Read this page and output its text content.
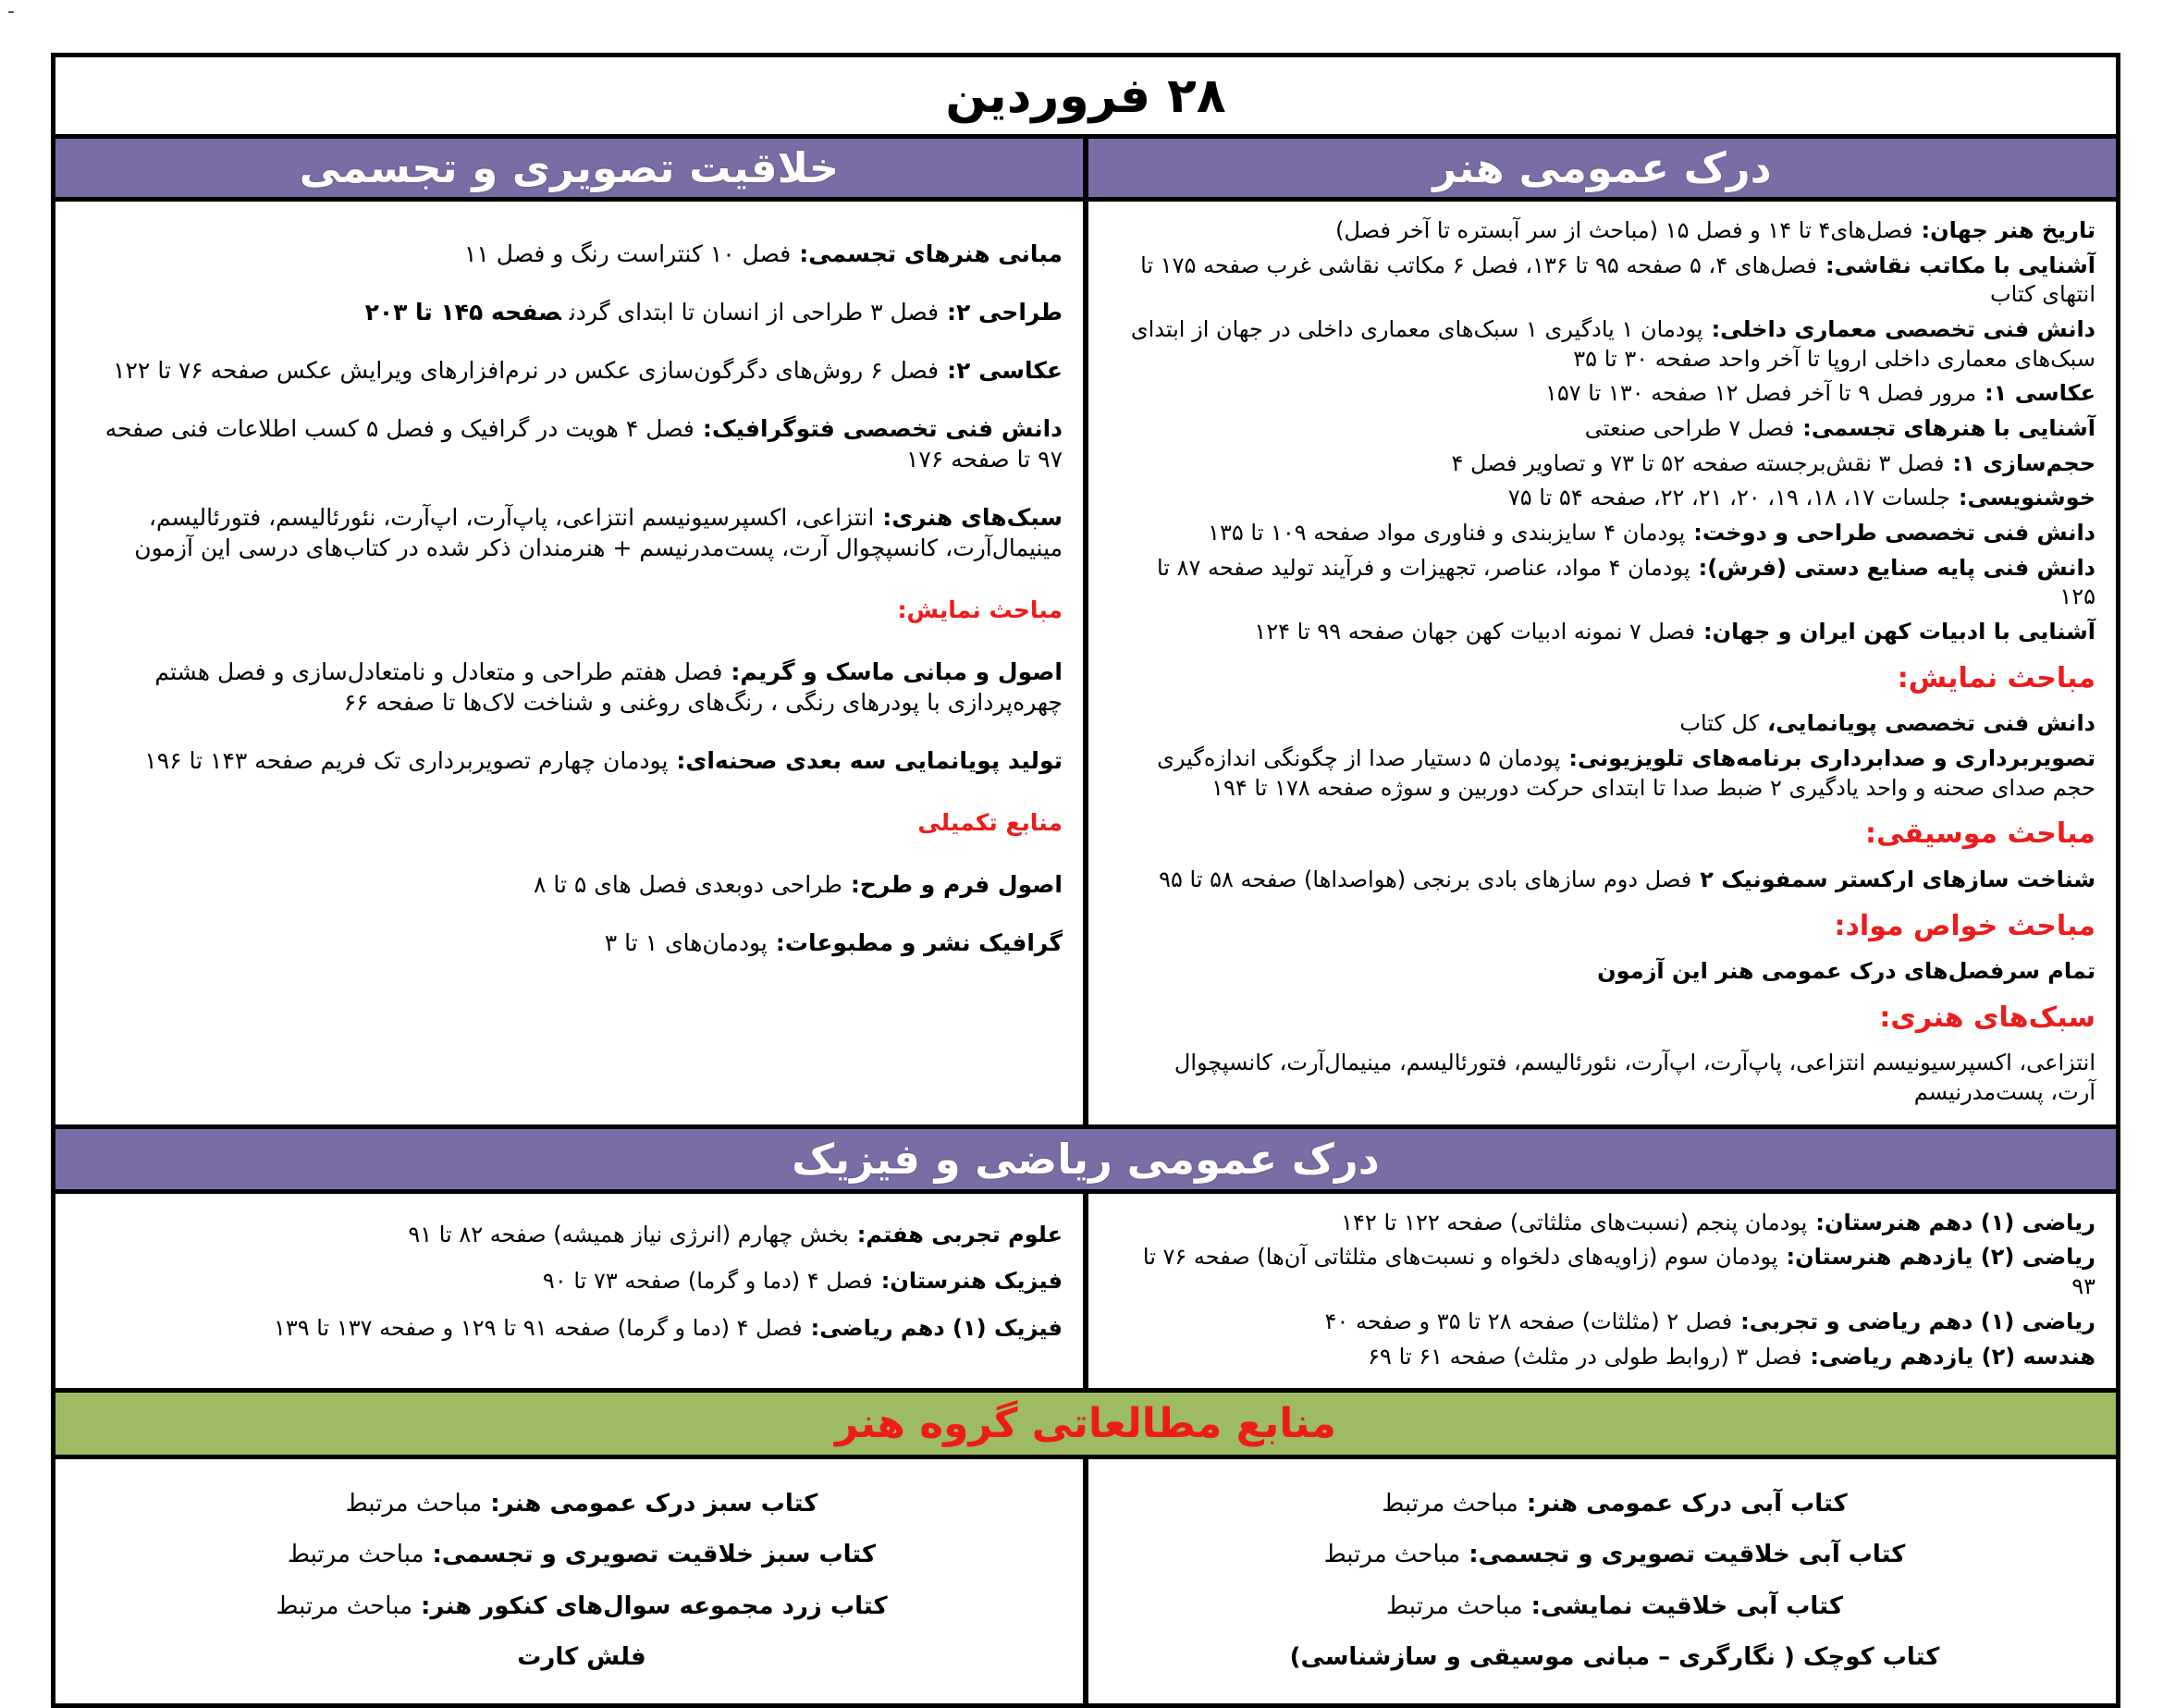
-
۲۸ فروردین
درک عمومی هنر
خلاقیت تصویری و تجسمی

تاریخ هنر جهان:فصل‌های۴ تا ۱۴ و فصل ۱۵ (مباحث از سر آبستره تا آخر فصل)

آشنایی با مکاتب نقاشی:فصل‌های ۴، ۵ صفحه ۹۵ تا ۱۳۶، فصل ۶ مکاتب نقاشی غرب صفحه ۱۷۵ تا انتهای کتاب

دانش فنی تخصصی معماری داخلی:پودمان ۱ یادگیری ۱ سبک‌های معماری داخلی در جهان از ابتدای سبک‌های معماری داخلی اروپا تا آخر واحد صفحه ۳۰ تا ۳۵

عکاسی ۱:مرور فصل ۹ تا آخر فصل ۱۲ صفحه ۱۳۰ تا ۱۵۷

آشنایی با هنرهای تجسمی:فصل ۷ طراحی صنعتی

حجم‌سازی ۱:فصل ۳ نقش‌برجسته صفحه ۵۲ تا ۷۳ و تصاویر فصل ۴

خوشنویسی:جلسات ۱۷، ۱۸، ۱۹، ۲۰، ۲۱، ۲۲، صفحه ۵۴ تا ۷۵

دانش فنی تخصصی طراحی و دوخت:پودمان ۴ سایزبندی و فناوری مواد صفحه ۱۰۹ تا ۱۳۵

دانش فنی پایه صنایع دستی (فرش):پودمان ۴ مواد، عناصر، تجهیزات و فرآیند تولید صفحه ۸۷ تا ۱۲۵

آشنایی با ادبیات کهن ایران و جهان:فصل ۷ نمونه ادبیات کهن جهان صفحه ۹۹ تا ۱۲۴

مباحث نمایش:

دانش فنی تخصصی پویانمایی،کل کتاب

تصویربرداری و صدابرداری برنامه‌های تلویزیونی:پودمان ۵ دستیار صدا از چگونگی اندازه‌گیری حجم صدای صحنه و واحد یادگیری ۲ ضبط صدا تا ابتدای حرکت دوربین و سوژه صفحه ۱۷۸ تا ۱۹۴

مباحث موسیقی:

شناخت سازهای ارکستر سمفونیک ۲فصل دوم سازهای بادی برنجی (هواصداها) صفحه ۵۸ تا ۹۵

مباحث خواص مواد:

تمام سرفصل‌های درک عمومی هنر این آزمون

سبک‌های هنری:

انتزاعی، اکسپرسیونیسم انتزاعی، پاپ‌آرت، اپ‌آرت، نئورئالیسم، فتورئالیسم، مینیمال‌آرت، کانسپچوال آرت، پست‌مدرنیسم

مبانی هنرهای تجسمی:فصل ۱۰ کنتراست رنگ و فصل ۱۱

طراحی ۲:فصل ۳ طراحی از انسان تا ابتدای گردنصفحه ۱۴۵ تا ۲۰۳

عکاسی ۲:فصل ۶ روش‌های دگرگون‌سازی عکس در نرم‌افزارهای ویرایش عکس صفحه ۷۶ تا ۱۲۲

دانش فنی تخصصی فتوگرافیک:فصل ۴ هویت در گرافیک و فصل ۵ کسب اطلاعات فنی صفحه ۹۷ تا صفحه ۱۷۶

سبک‌های هنری:انتزاعی، اکسپرسیونیسم انتزاعی، پاپ‌آرت، اپ‌آرت، نئورئالیسم، فتورئالیسم، مینیمال‌آرت، کانسپچوال آرت، پست‌مدرنیسم + هنرمندان ذکر شده در کتاب‌های درسی این آزمون

مباحث نمایش:

اصول و مبانی ماسک و گریم:فصل هفتم طراحی و متعادل و نامتعادل‌سازی و فصل هشتم چهره‌پردازی با پودرهای رنگی ، رنگ‌های روغنی و شناخت لاک‌ها تا صفحه ۶۶

تولید پویانمایی سه بعدی صحنه‌ای:پودمان چهارم تصویربرداری تک فریم صفحه ۱۴۳ تا ۱۹۶

منابع تکمیلی

اصول فرم و طرح:طراحی دوبعدی فصل های ۵ تا ۸

گرافیک نشر و مطبوعات:پودمان‌های ۱ تا ۳

درک عمومی ریاضی و فیزیک

ریاضی (۱) دهم هنرستان:پودمان پنجم (نسبت‌های مثلثاتی) صفحه ۱۲۲ تا ۱۴۲

ریاضی (۲) یازدهم هنرستان:پودمان سوم (زاویه‌های دلخواه و نسبت‌های مثلثاتی آن‌ها) صفحه ۷۶ تا ۹۳

ریاضی (۱) دهم ریاضی و تجربی:فصل ۲ (مثلثات) صفحه ۲۸ تا ۳۵ و صفحه ۴۰

هندسه (۲) یازدهم ریاضی:فصل ۳ (روابط طولی در مثلث) صفحه ۶۱ تا ۶۹

علوم تجربی هفتم:بخش چهارم (انرژی نیاز همیشه) صفحه ۸۲ تا ۹۱

فیزیک هنرستان:فصل ۴ (دما و گرما) صفحه ۷۳ تا ۹۰

فیزیک (۱) دهم ریاضی:فصل ۴ (دما و گرما) صفحه ۹۱ تا ۱۲۹ و صفحه ۱۳۷ تا ۱۳۹

منابع مطالعاتی گروه هنر

کتاب آبی درک عمومی هنر:مباحث مرتبط

کتاب آبی خلاقیت تصویری و تجسمی:مباحث مرتبط

کتاب آبی خلاقیت نمایشی:مباحث مرتبط

کتاب کوچک ( نگارگری – مبانی موسیقی و سازشناسی)

کتاب سبز درک عمومی هنر:مباحث مرتبط

کتاب سبز خلاقیت تصویری و تجسمی:مباحث مرتبط

کتاب زرد مجموعه سوال‌های کنکور هنر:مباحث مرتبط

فلش کارت
